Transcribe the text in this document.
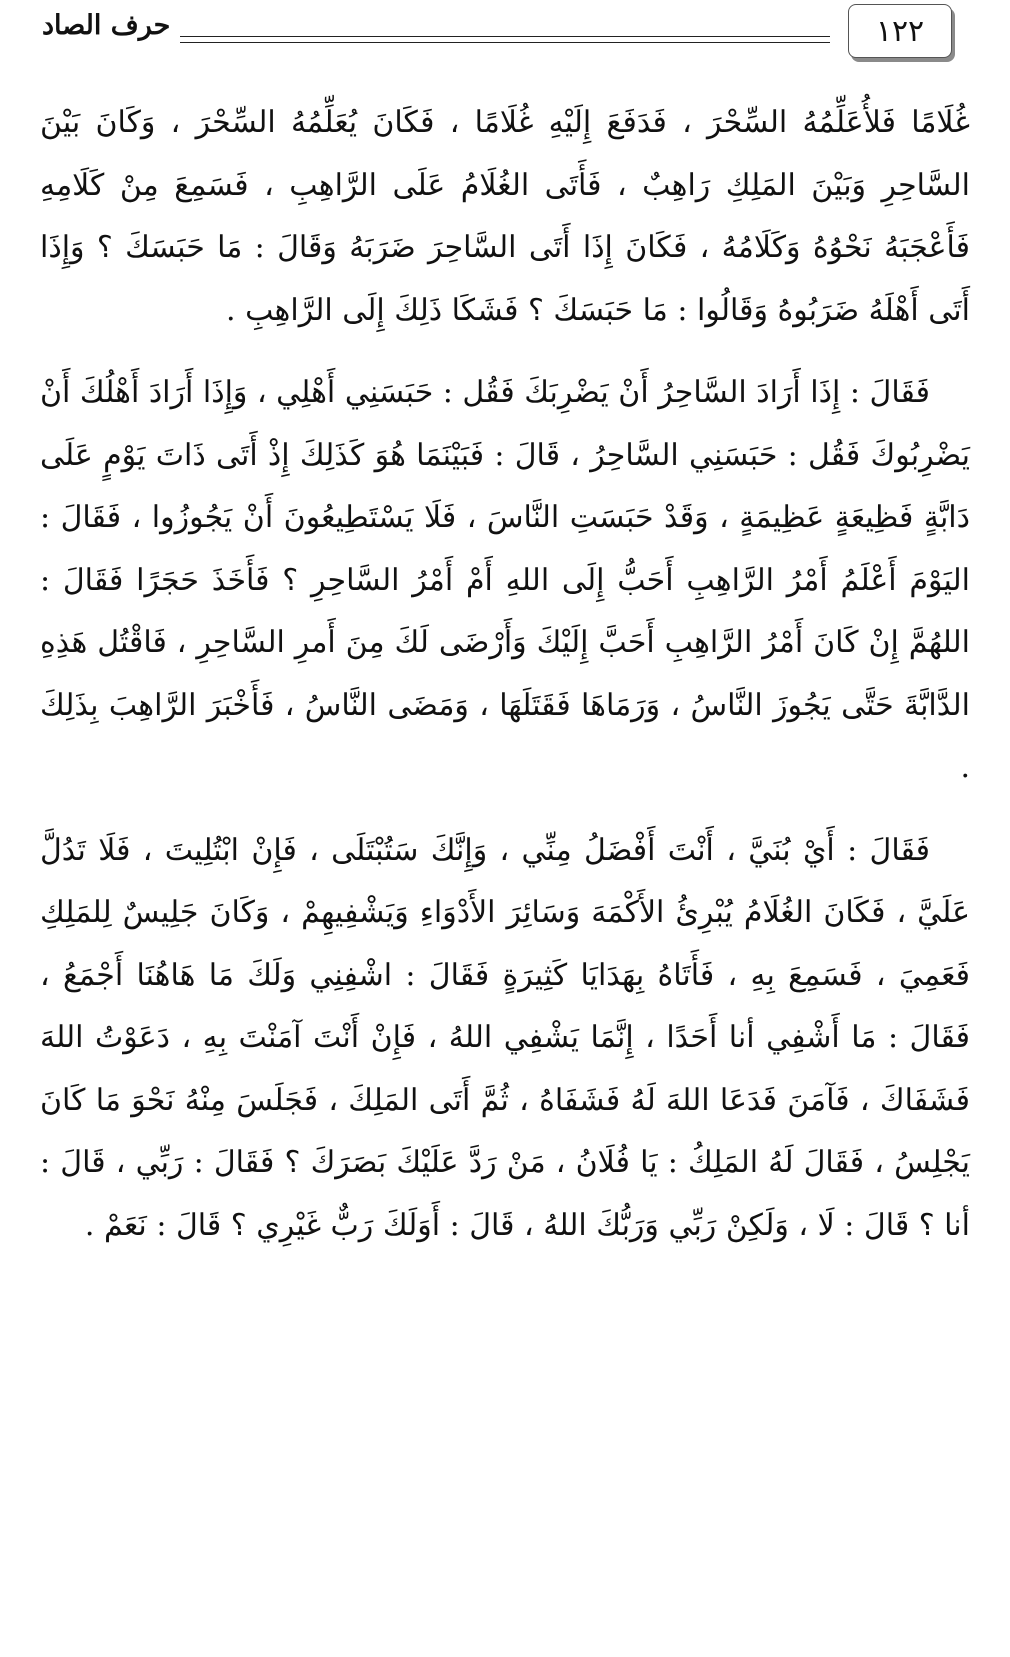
١٢٢
حرف الصاد

غُلَامًا فَلأُعَلِّمُهُ السِّحْرَ ، فَدَفَعَ إِلَيْهِ غُلَامًا ، فَكَانَ يُعَلِّمُهُ السِّحْرَ ، وَكَانَ بَيْنَ السَّاحِرِ وَبَيْنَ المَلِكِ رَاهِبٌ ، فَأَتَى الغُلَامُ عَلَى الرَّاهِبِ ، فَسَمِعَ مِنْ كَلَامِهِ فَأَعْجَبَهُ نَحْوُهُ وَكَلَامُهُ ، فَكَانَ إِذَا أَتَى السَّاحِرَ ضَرَبَهُ وَقَالَ : مَا حَبَسَكَ ؟ وَإِذَا أَتَى أَهْلَهُ ضَرَبُوهُ وَقَالُوا : مَا حَبَسَكَ ؟ فَشَكَا ذَلِكَ إِلَى الرَّاهِبِ .

فَقَالَ : إِذَا أَرَادَ السَّاحِرُ أَنْ يَضْرِبَكَ فَقُل : حَبَسَنِي أَهْلِي ، وَإِذَا أَرَادَ أَهْلُكَ أَنْ يَضْرِبُوكَ فَقُل : حَبَسَنِي السَّاحِرُ ، قَالَ : فَبَيْنَمَا هُوَ كَذَلِكَ إِذْ أَتَى ذَاتَ يَوْمٍ عَلَى دَابَّةٍ فَظِيعَةٍ عَظِيمَةٍ ، وَقَدْ حَبَسَتِ النَّاسَ ، فَلَا يَسْتَطِيعُونَ أَنْ يَجُوزُوا ، فَقَالَ : اليَوْمَ أَعْلَمُ أَمْرُ الرَّاهِبِ أَحَبُّ إِلَى اللهِ أَمْ أَمْرُ السَّاحِرِ ؟ فَأَخَذَ حَجَرًا فَقَالَ : اللهُمَّ إِنْ كَانَ أَمْرُ الرَّاهِبِ أَحَبَّ إِلَيْكَ وَأَرْضَى لَكَ مِنَ أَمرِ السَّاحِرِ ، فَاقْتُل هَذِهِ الدَّابَّةَ حَتَّى يَجُوزَ النَّاسُ ، وَرَمَاهَا فَقَتَلَهَا ، وَمَضَى النَّاسُ ، فَأَخْبَرَ الرَّاهِبَ بِذَلِكَ .

فَقَالَ : أَيْ بُنَيَّ ، أَنْتَ أَفْضَلُ مِنِّي ، وَإِنَّكَ سَتُبْتَلَى ، فَإِنْ ابْتُلِيتَ ، فَلَا تَدُلَّ عَلَيَّ ، فَكَانَ الغُلَامُ يُبْرِئُ الأَكْمَهَ وَسَائِرَ الأَدْوَاءِ وَيَشْفِيهِمْ ، وَكَانَ جَلِيسٌ لِلمَلِكِ فَعَمِيَ ، فَسَمِعَ بِهِ ، فَأَتَاهُ بِهَدَايَا كَثِيرَةٍ فَقَالَ : اشْفِنِي وَلَكَ مَا هَاهُنَا أَجْمَعُ ، فَقَالَ : مَا أَشْفِي أنا أَحَدًا ، إِنَّمَا يَشْفِي اللهُ ، فَإِنْ أَنْتَ آمَنْتَ بِهِ ، دَعَوْتُ اللهَ فَشَفَاكَ ، فَآمَنَ فَدَعَا اللهَ لَهُ فَشَفَاهُ ، ثُمَّ أَتَى المَلِكَ ، فَجَلَسَ مِنْهُ نَحْوَ مَا كَانَ يَجْلِسُ ، فَقَالَ لَهُ المَلِكُ : يَا فُلَانُ ، مَنْ رَدَّ عَلَيْكَ بَصَرَكَ ؟ فَقَالَ : رَبِّي ، قَالَ : أنا ؟ قَالَ : لَا ، وَلَكِنْ رَبِّي وَرَبُّكَ اللهُ ، قَالَ : أَوَلَكَ رَبٌّ غَيْرِي ؟ قَالَ : نَعَمْ .
